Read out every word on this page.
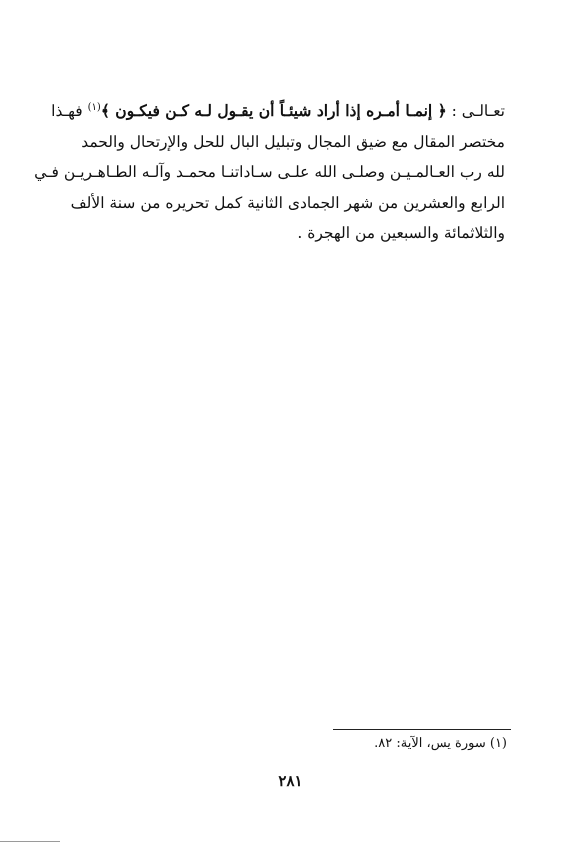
تعـالـى : ﴿ إنمـا أمـره إذا أراد شيئـاً أن يقـول لـه كـن فيكـون ﴾$^{(١)}$ فهـذا
مختصر المقال مع ضيق المجال وتبليل البال للحل والإرتحال والحمد
لله رب العـالمـيـن وصلـى الله علـى سـاداتنـا محمـد وآلـه الطـاهـريـن فـي
الرابع والعشرين من شهر الجمادى الثانية كمل تحريره من سنة الألف
والثلاثمائة والسبعين من الهجرة .
(١) سورة يس، الآية: ٨٢.
٢٨١
